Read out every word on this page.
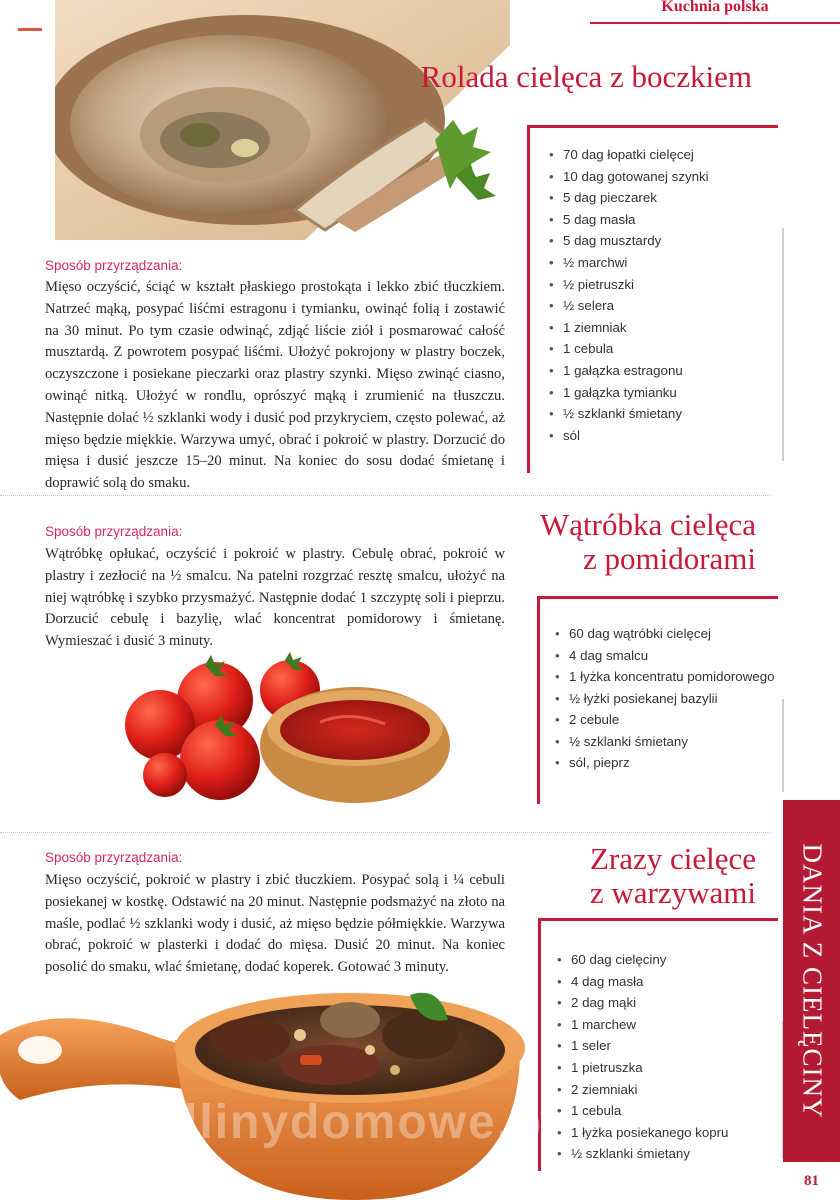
Kuchnia polska
Rolada cielęca z boczkiem
• 70 dag łopatki cielęcej
• 10 dag gotowanej szynki
• 5 dag pieczarek
• 5 dag masła
• 5 dag musztardy
• ½ marchwi
• ½ pietruszki
• ½ selera
• 1 ziemniak
• 1 cebula
• 1 gałązka estragonu
• 1 gałązka tymianku
• ½ szklanki śmietany
• sól
Sposób przyrządzania:
Mięso oczyścić, ściąć w kształt płaskiego prostokąta i lekko zbić tłuczkiem. Natrzeć mąką, posypać liśćmi estragonu i tymianku, owinąć folią i zostawić na 30 minut. Po tym czasie odwinąć, zdjąć liście ziół i posmarować całość musztardą. Z powrotem posypać liśćmi. Ułożyć pokrojony w plastry boczek, oczyszczone i posiekane pieczarki oraz plastry szynki. Mięso zwinąć ciasno, owinąć nitką. Ułożyć w rondlu, oprószyć mąką i zrumienić na tłuszczu. Następnie dolać ½ szklanki wody i dusić pod przykryciem, często polewać, aż mięso będzie miękkie. Warzywa umyć, obrać i pokroić w plastry. Dorzucić do mięsa i dusić jeszcze 15–20 minut. Na koniec do sosu dodać śmietanę i doprawić solą do smaku.
Wątróbka cielęca
z pomidorami
Sposób przyrządzania:
Wątróbkę opłukać, oczyścić i pokroić w plastry. Cebulę obrać, pokroić w plastry i zezłocić na ½ smalcu. Na patelni rozgrzać resztę smalcu, ułożyć na niej wątróbkę i szybko przysmażyć. Następnie dodać 1 szczyptę soli i pieprzu. Dorzucić cebulę i bazylię, wlać koncentrat pomidorowy i śmietanę. Wymieszać i dusić 3 minuty.	• 60 dag wątróbki cielęcej
• 4 dag smalcu
• 1 łyżka koncentratu pomidorowego
• ½ łyżki posiekanej bazylii
• 2 cebule
• ½ szklanki śmietany
• sól, pieprz
Zrazy cielęce
z warzywami
Sposób przyrządzania:
Mięso oczyścić, pokroić w plastry i zbić tłuczkiem. Posypać solą i ¼ cebuli posiekanej w kostkę. Odstawić na 20 minut. Następnie podsmażyć na złoto na maśle, podlać ½ szklanki wody i dusić, aż mięso będzie półmiękkie. Warzywa obrać, pokroić w plasterki i dodać do mięsa. Dusić 20 minut. Na koniec posolić do smaku, wlać śmietanę, dodać koperek. Gotować 3 minuty.	• 60 dag cielęciny
• 4 dag masła
• 2 dag mąki
• 1 marchew
• 1 seler
• 1 pietruszka
• 2 ziemniaki
• 1 cebula
• 1 łyżka posiekanego kopru
• ½ szklanki śmietany
wedlinydomowe.pl
DANIA Z CIELĘCINY
81
